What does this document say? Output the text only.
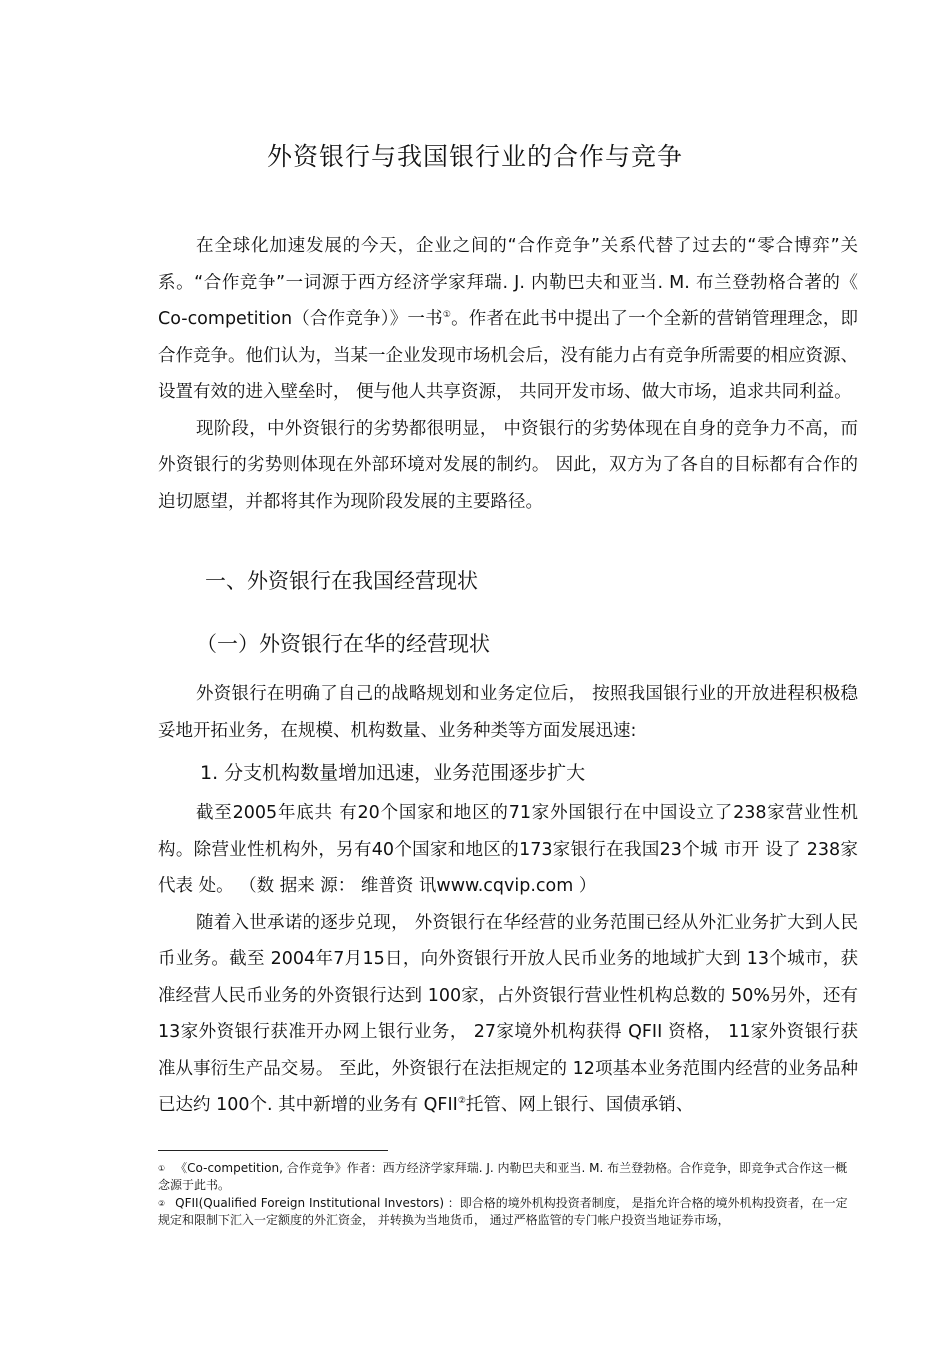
外资银行与我国银行业的合作与竞争

在全球化加速发展的今天，企业之间的“合作竞争”关系代替了过去的“零合博弈”关系。“合作竞争”一词源于西方经济学家拜瑞. J. 内勒巴夫和亚当. M. 布兰登勃格合著的《 Co-competition（合作竞争）》一书①。作者在此书中提出了一个全新的营销管理理念，即合作竞争。他们认为，当某一企业发现市场机会后，没有能力占有竞争所需要的相应资源、 设置有效的进入壁垒时， 便与他人共享资源， 共同开发市场、做大市场，追求共同利益。

现阶段，中外资银行的劣势都很明显， 中资银行的劣势体现在自身的竞争力不高，而外资银行的劣势则体现在外部环境对发展的制约。 因此，双方为了各自的目标都有合作的迫切愿望，并都将其作为现阶段发展的主要路径。

一、外资银行在我国经营现状
（一）外资银行在华的经营现状

外资银行在明确了自己的战略规划和业务定位后， 按照我国银行业的开放进程积极稳妥地开拓业务，在规模、机构数量、业务种类等方面发展迅速:

1. 分支机构数量增加迅速，业务范围逐步扩大

截至2005年底共 有20个国家和地区的71家外国银行在中国设立了238家营业性机构。除营业性机构外，另有40个国家和地区的173家银行在我国23个城 市开 设了 238家代表 处。 （数 据来 源： 维普资 讯www.cqvip.com ）

随着入世承诺的逐步兑现， 外资银行在华经营的业务范围已经从外汇业务扩大到人民币业务。截至 2004年7月15日，向外资银行开放人民币业务的地域扩大到 13个城市，获准经营人民币业务的外资银行达到 100家，占外资银行营业性机构总数的 50%另外，还有 13家外资银行获准开办网上银行业务， 27家境外机构获得 QFII 资格， 11家外资银行获准从事衍生产品交易。 至此，外资银行在法拒规定的 12项基本业务范围内经营的业务品种已达约 100个. 其中新增的业务有 QFII②托管、网上银行、国债承销、

① 《Co-competition, 合作竞争》作者：西方经济学家拜瑞. J. 内勒巴夫和亚当. M. 布兰登勃格。合作竞争，即竞争式合作这一概念源于此书。

② QFII(Qualified Foreign Institutional Investors) ：即合格的境外机构投资者制度， 是指允许合格的境外机构投资者，在一定规定和限制下汇入一定额度的外汇资金， 并转换为当地货币， 通过严格监管的专门帐户投资当地证券市场，
